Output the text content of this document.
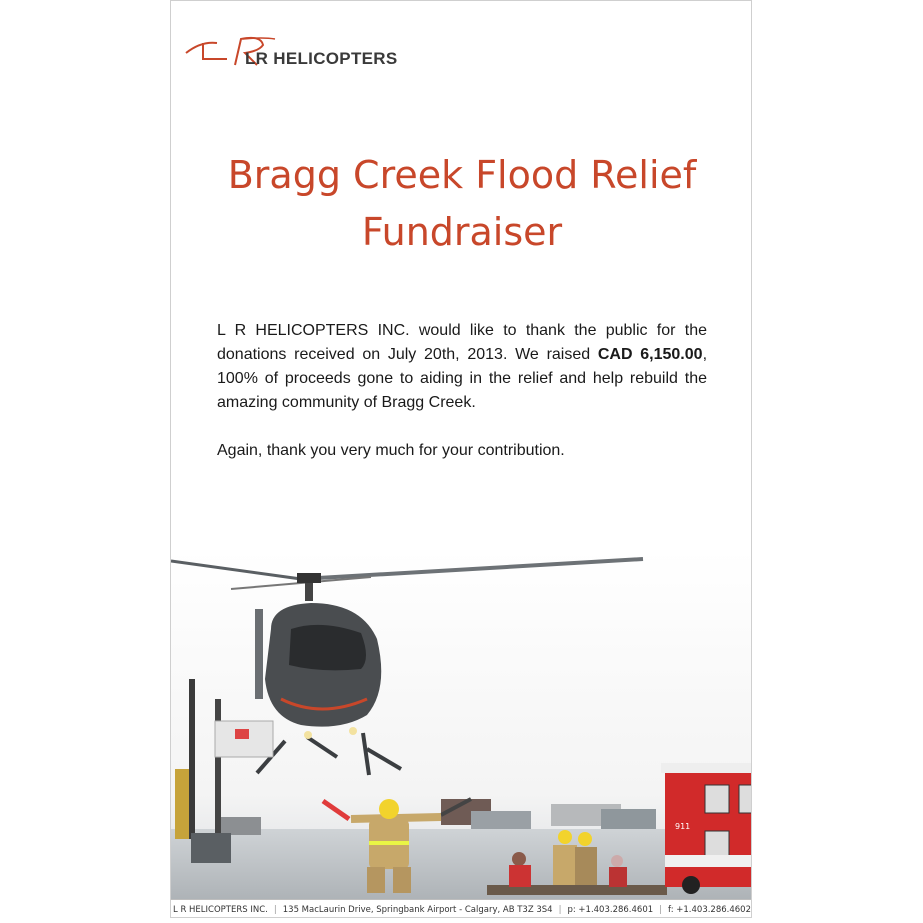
LR HELICOPTERS
Bragg Creek Flood Relief
Fundraiser

L R HELICOPTERS INC. would like to thank the public for the donations received on July 20th, 2013. We raised CAD 6,150.00, 100% of proceeds gone to aiding in the relief and help rebuild the amazing community of Bragg Creek.

Again, thank you very much for your contribution.

911
L R HELICOPTERS INC. | 135 MacLaurin Drive, Springbank Airport - Calgary, AB T3Z 3S4 | p: +1.403.286.4601 | f: +1.403.286.4602
